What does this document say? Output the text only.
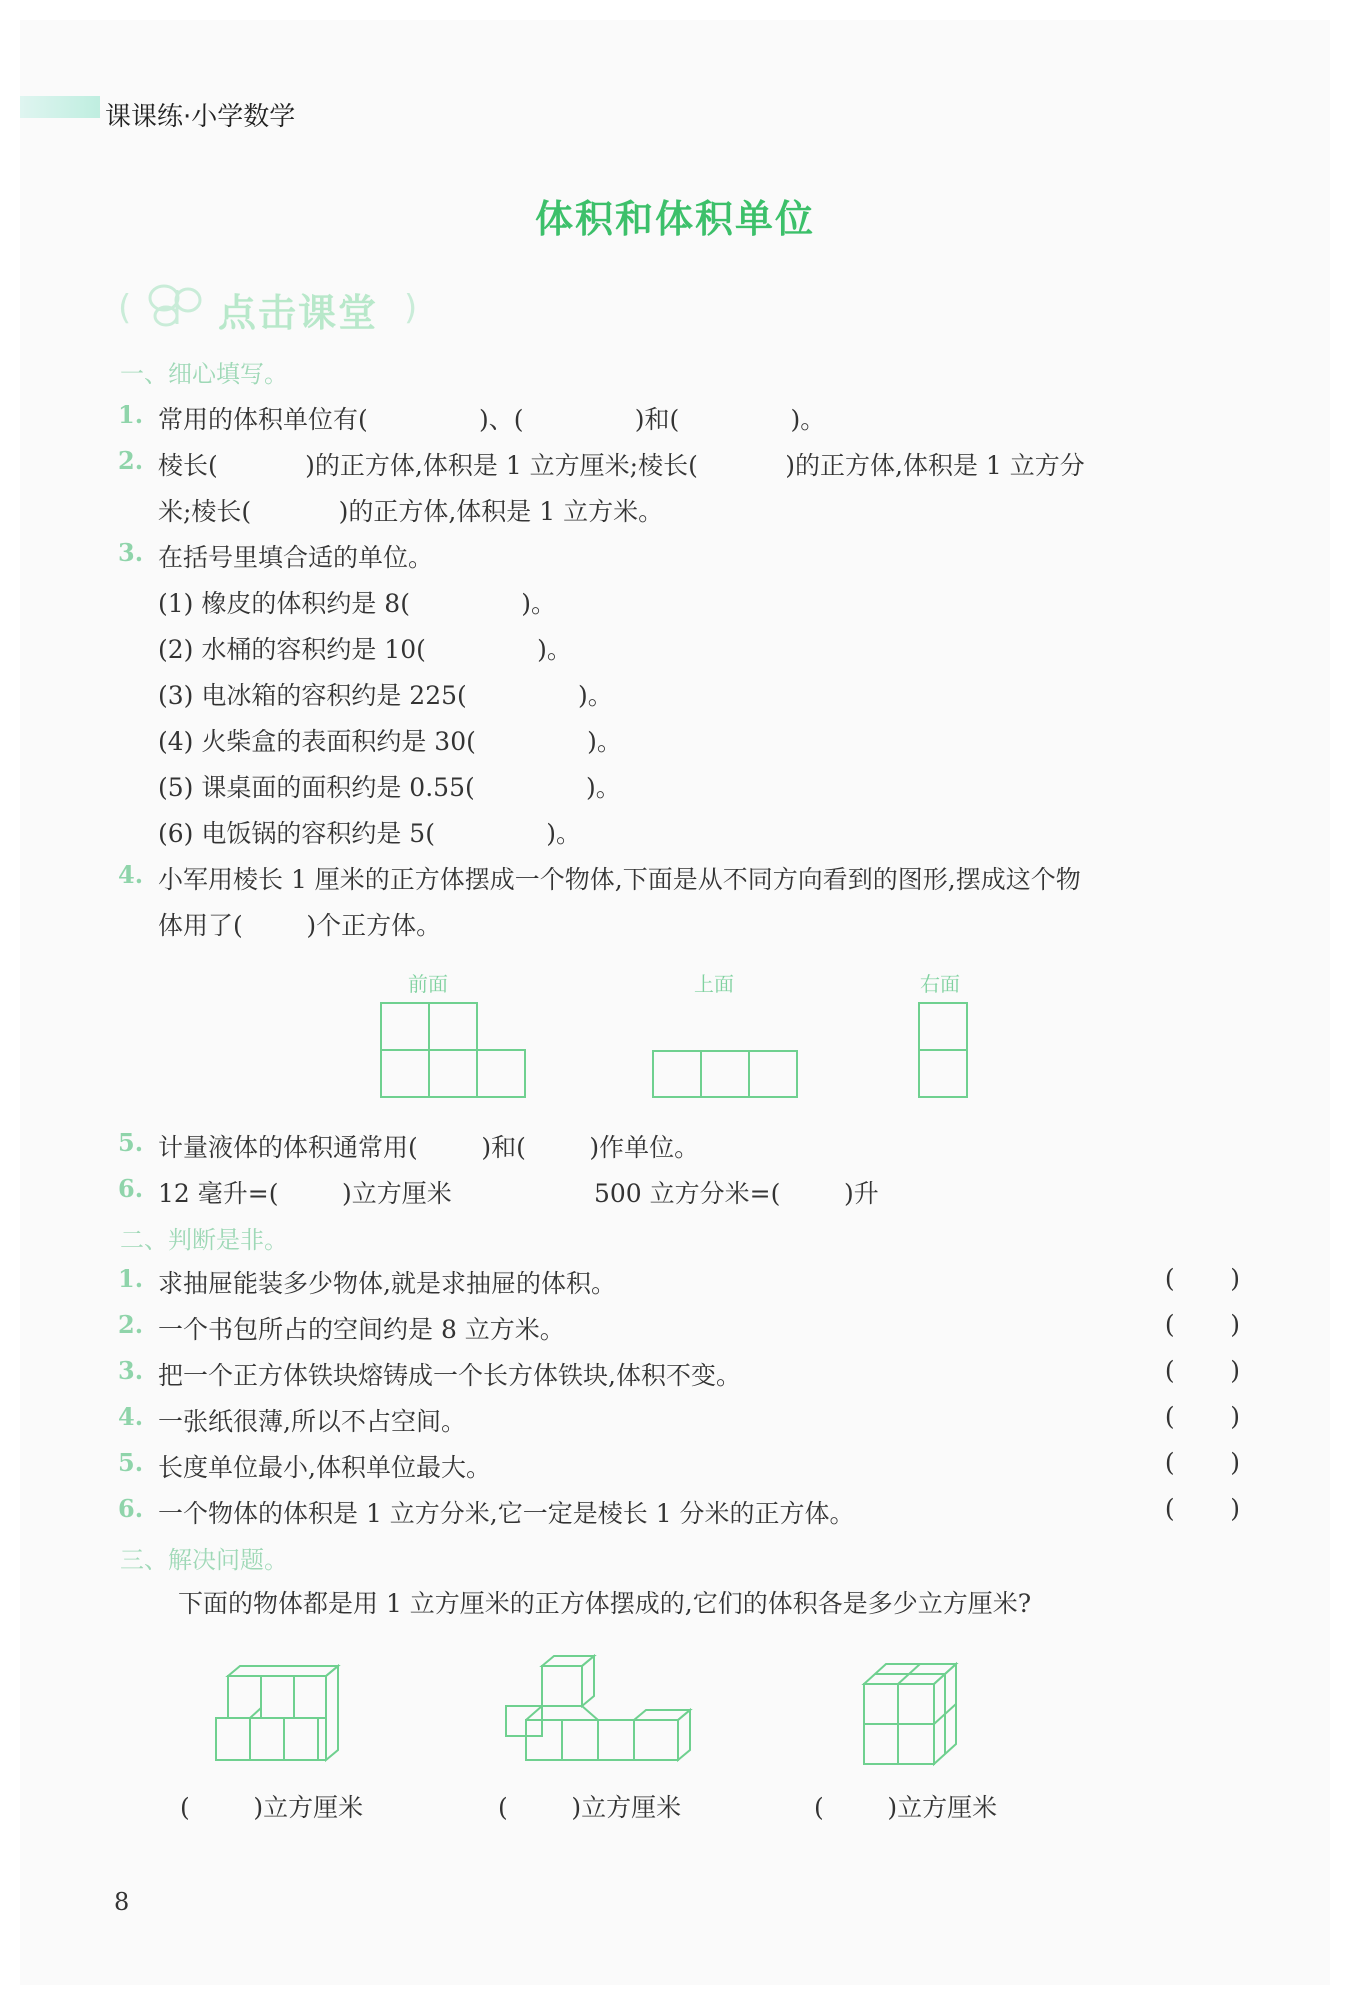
课课练·小学数学
体积和体积单位
( 点击课堂 )
一、细心填写。
1. 常用的体积单位有(              )、(              )和(              )。
2. 棱长(           )的正方体,体积是 1 立方厘米;棱长(           )的正方体,体积是 1 立方分
米;棱长(           )的正方体,体积是 1 立方米。
3. 在括号里填合适的单位。
(1) 橡皮的体积约是 8(              )。
(2) 水桶的容积约是 10(              )。
(3) 电冰箱的容积约是 225(              )。
(4) 火柴盒的表面积约是 30(              )。
(5) 课桌面的面积约是 0.55(              )。
(6) 电饭锅的容积约是 5(              )。
4. 小军用棱长 1 厘米的正方体摆成一个物体,下面是从不同方向看到的图形,摆成这个物
体用了(        )个正方体。
前面	上面	右面
5. 计量液体的体积通常用(        )和(        )作单位。
6. 12 毫升=(        )立方厘米	500 立方分米=(        )升
二、判断是非。
1. 求抽屉能装多少物体,就是求抽屉的体积。	(       )
2. 一个书包所占的空间约是 8 立方米。	(       )
3. 把一个正方体铁块熔铸成一个长方体铁块,体积不变。	(       )
4. 一张纸很薄,所以不占空间。	(       )
5. 长度单位最小,体积单位最大。	(       )
6. 一个物体的体积是 1 立方分米,它一定是棱长 1 分米的正方体。	(       )
三、解决问题。
下面的物体都是用 1 立方厘米的正方体摆成的,它们的体积各是多少立方厘米?
(        )立方厘米	(        )立方厘米	(        )立方厘米
8
